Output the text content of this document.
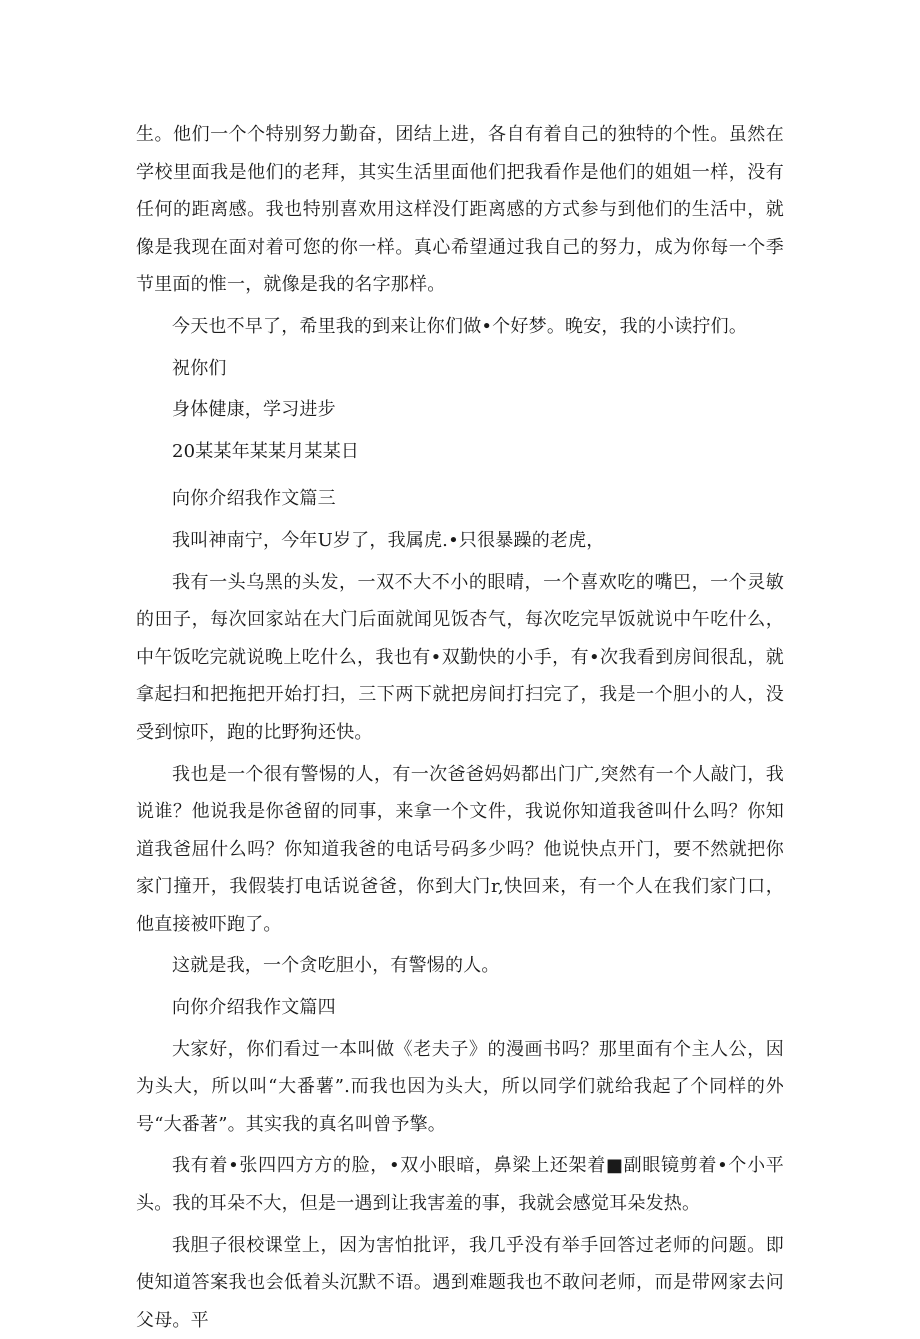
生。他们一个个特别努力勤奋，团结上进，各自有着自己的独特的个性。虽然在学校里面我是他们的老拜，其实生活里面他们把我看作是他们的姐姐一样，没有任何的距离感。我也特别喜欢用这样没仃距离感的方式参与到他们的生活中，就像是我现在面对着可您的你一样。真心希望通过我自己的努力，成为你每一个季节里面的惟一，就像是我的名字那样。

今天也不早了，希里我的到来让你们做•个好梦。晚安，我的小读拧们。

祝你们

身体健康，学习进步

20某某年某某月某某日

向你介绍我作文篇三

我叫神南宁，今年U岁了，我属虎.•只很暴躁的老虎，

我有一头乌黑的头发，一双不大不小的眼晴，一个喜欢吃的嘴巴，一个灵敏的田子，每次回家站在大门后面就闻见饭杏气，每次吃完早饭就说中午吃什么，中午饭吃完就说晚上吃什么，我也有•双勤快的小手，有•次我看到房间很乱，就拿起扫和把拖把开始打扫，三下两下就把房间打扫完了，我是一个胆小的人，没受到惊吓，跑的比野狗还快。

我也是一个很有警惕的人，有一次爸爸妈妈都出门广,突然有一个人敲门，我说谁？他说我是你爸留的同事，来拿一个文件，我说你知道我爸叫什么吗？你知道我爸屈什么吗？你知道我爸的电话号码多少吗？他说快点开门，要不然就把你家门撞开，我假装打电话说爸爸，你到大门r,快回来，有一个人在我们家门口，他直接被吓跑了。

这就是我，一个贪吃胆小，有警惕的人。

向你介绍我作文篇四

大家好，你们看过一本叫做《老夫子》的漫画书吗？那里面有个主人公，因为头大，所以叫“大番薯”.而我也因为头大，所以同学们就给我起了个同样的外号“大番著”。其实我的真名叫曾予擎。

我有着•张四四方方的脸，•双小眼暗，鼻梁上还架着■副眼镜剪着•个小平头。我的耳朵不大，但是一遇到让我害羞的事，我就会感觉耳朵发热。

我胆子很校课堂上，因为害怕批评，我几乎没有举手回答过老师的问题。即使知道答案我也会低着头沉默不语。遇到难题我也不敢问老师，而是带网家去问父母。平
